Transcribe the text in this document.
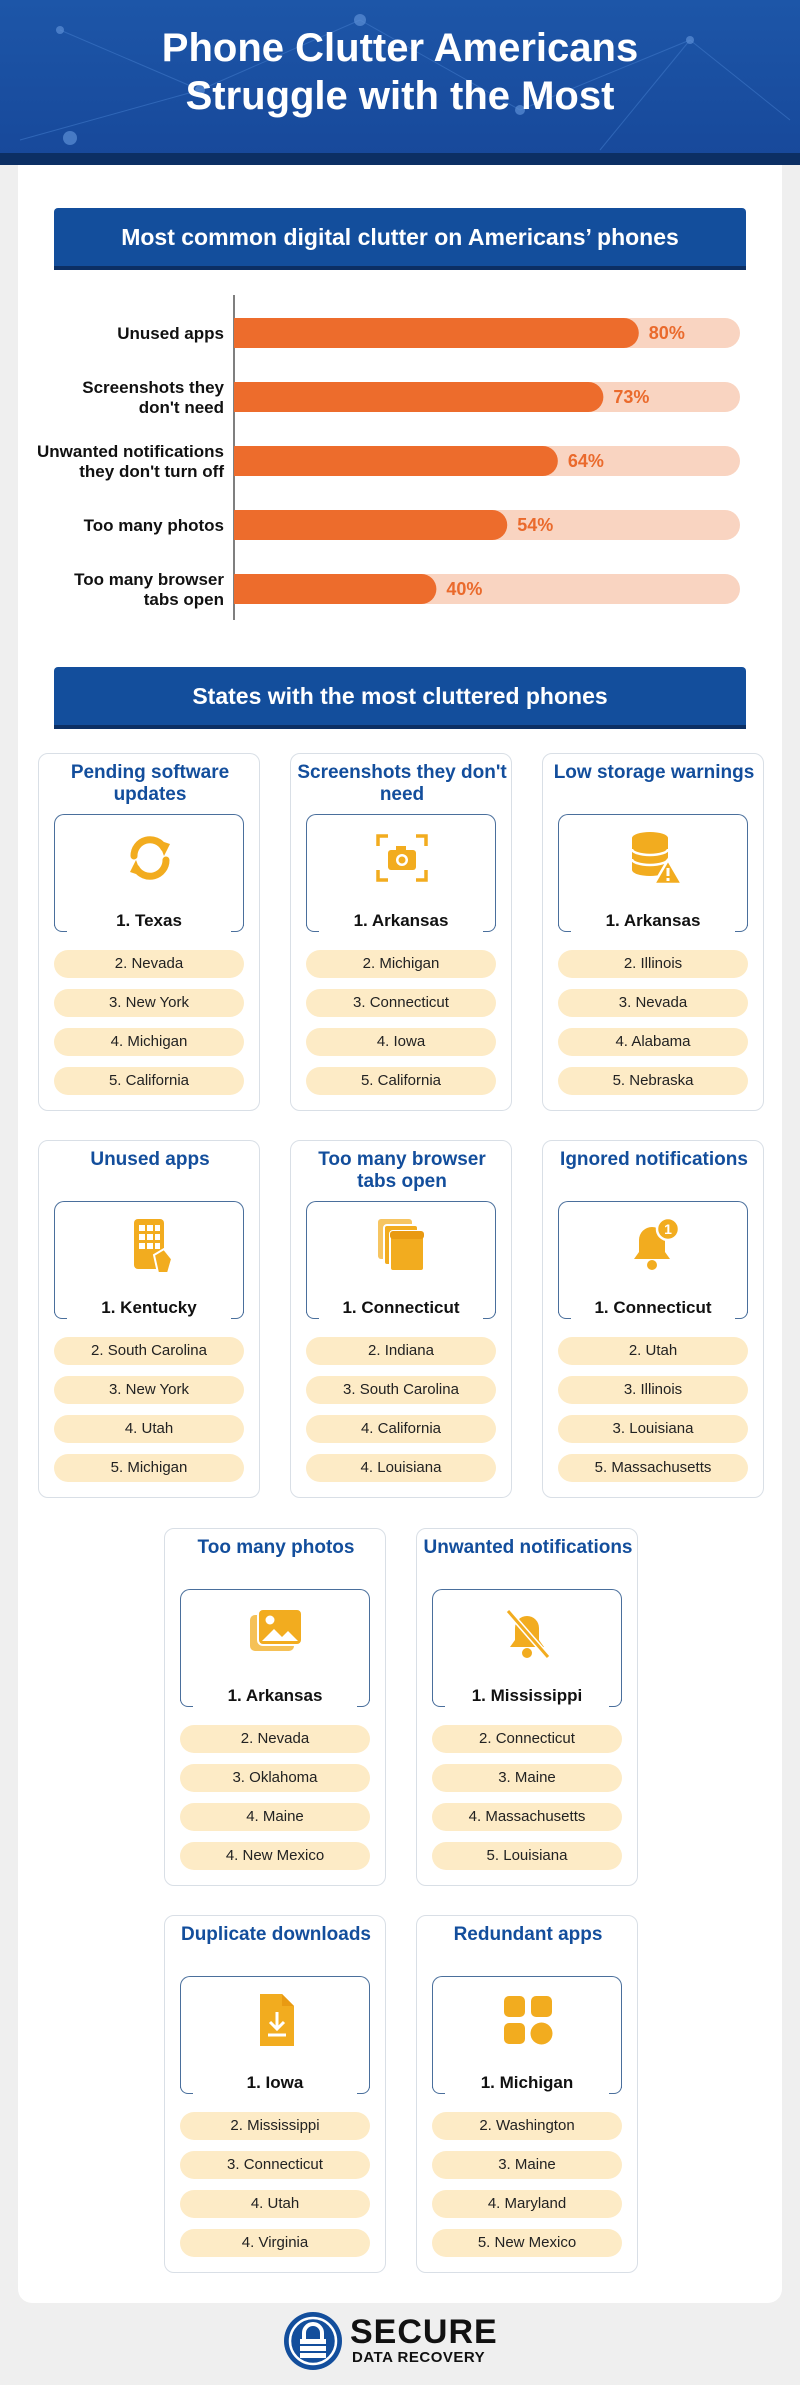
Phone Clutter Americans
Struggle with the Most
Most common digital clutter on Americans’ phones
80%
Unused apps
73%
Screenshots they
don't need
64%
Unwanted notifications
they don't turn off
54%
Too many photos
40%
Too many browser
tabs open
States with the most cluttered phones
Pending software updates
1. Texas
2. Nevada
3. New York
4. Michigan
5. California
Screenshots they don't need
1. Arkansas
2. Michigan
3. Connecticut
4. Iowa
5. California
Low storage warnings
1. Arkansas
2. Illinois
3. Nevada
4. Alabama
5. Nebraska
Unused apps
1. Kentucky
2. South Carolina
3. New York
4. Utah
5. Michigan
Too many browser tabs open
1. Connecticut
2. Indiana
3. South Carolina
4. California
4. Louisiana
Ignored notifications
1
1. Connecticut
2. Utah
3. Illinois
3. Louisiana
5. Massachusetts
Too many photos
1. Arkansas
2. Nevada
3. Oklahoma
4. Maine
4. New Mexico
Unwanted notifications
1. Mississippi
2. Connecticut
3. Maine
4. Massachusetts
5. Louisiana
Duplicate downloads
1. Iowa
2. Mississippi
3. Connecticut
4. Utah
4. Virginia
Redundant apps
1. Michigan
2. Washington
3. Maine
4. Maryland
5. New Mexico
SECURE
DATA RECOVERY
